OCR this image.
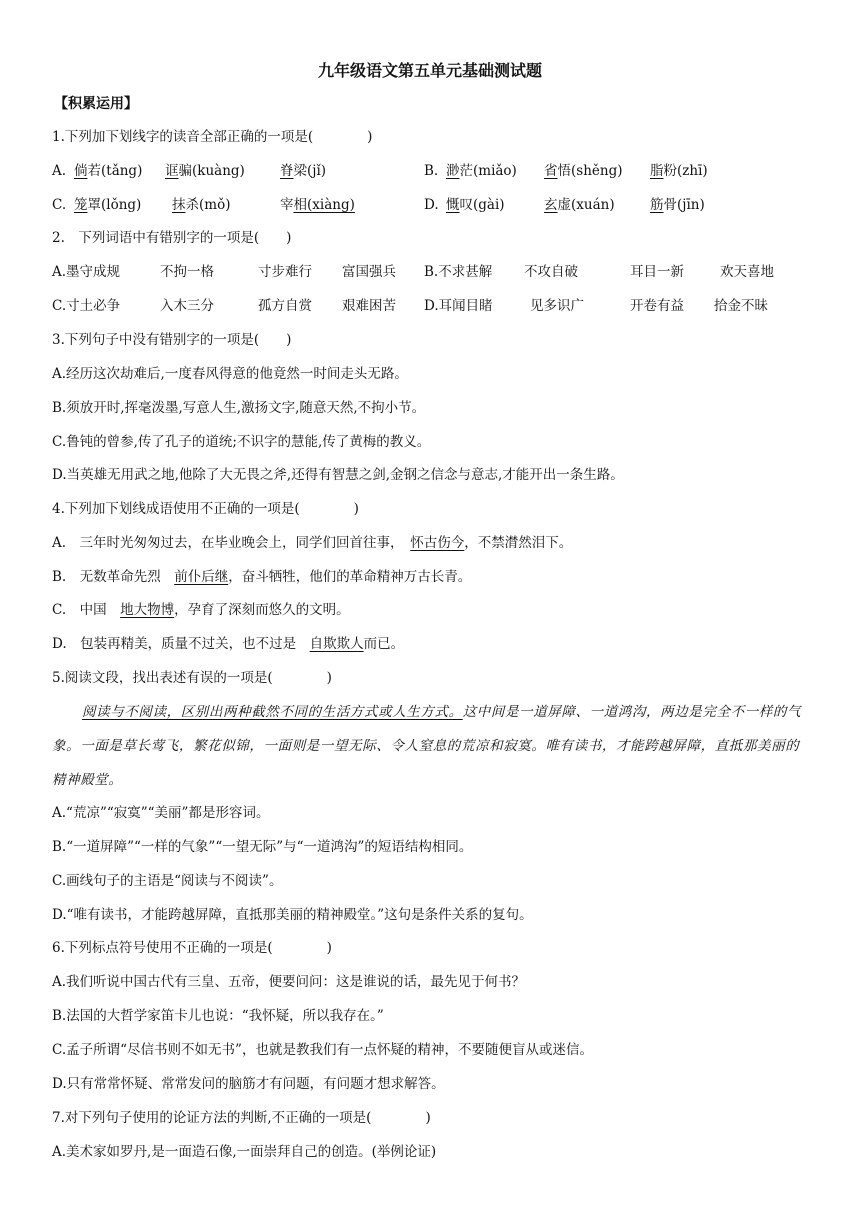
九年级语文第五单元基础测试题
【积累运用】
1.下列加下划线字的读音全部正确的一项是(　　　　)
A. 倘若(tǎng) 诓骗(kuàng)	脊梁(jǐ)	B. 渺茫(miǎo) 省悟(shěng) 脂粉(zhī)
C. 笼罩(lǒng) 抹杀(mǒ)	宰相(xiàng)	D. 慨叹(gài)	玄虚(xuán)	筋骨(jīn)
2.　下列词语中有错别字的一项是(　　)
A.墨守成规	不拘一格	寸步难行 富国强兵 B.不求甚解 不攻自破	耳目一新	欢天喜地
C.寸土必争	入木三分	孤方自赏 艰难困苦 D.耳闻目睹	见多识广	开卷有益 拾金不昧
3.下列句子中没有错别字的一项是(　　)
A.经历这次劫难后,一度春风得意的他竟然一时间走头无路。
B.须放开时,挥毫泼墨,写意人生,激扬文字,随意天然,不拘小节。
C.鲁钝的曾参,传了孔子的道统;不识字的慧能,传了黄梅的教义。
D.当英雄无用武之地,他除了大无畏之斧,还得有智慧之剑,金钢之信念与意志,才能开出一条生路。
4.下列加下划线成语使用不正确的一项是(　　　　)
A.　三年时光匆匆过去，在毕业晚会上，同学们回首往事，　怀古伤今，不禁潸然泪下。
B.　无数革命先烈　前仆后继，奋斗牺牲，他们的革命精神万古长青。
C.　中国　地大物博，孕育了深刻而悠久的文明。
D.　包装再精美，质量不过关，也不过是　自欺欺人而已。
5.阅读文段，找出表述有误的一项是(　　　　)
阅读与不阅读，区别出两种截然不同的生活方式或人生方式。这中间是一道屏障、一道鸿沟，两边是完全不一样的气象。一面是草长莺飞，繁花似锦，一面则是一望无际、令人窒息的荒凉和寂寞。唯有读书，才能跨越屏障，直抵那美丽的精神殿堂。
A.“荒凉”“寂寞”“美丽”都是形容词。
B.“一道屏障”“一样的气象”“一望无际”与“一道鸿沟”的短语结构相同。
C.画线句子的主语是“阅读与不阅读”。
D.“唯有读书，才能跨越屏障，直抵那美丽的精神殿堂。”这句是条件关系的复句。
6.下列标点符号使用不正确的一项是(　　　　)
A.我们听说中国古代有三皇、五帝，便要问问：这是谁说的话，最先见于何书？
B.法国的大哲学家笛卡儿也说：“我怀疑，所以我存在。”
C.孟子所谓“尽信书则不如无书”，也就是教我们有一点怀疑的精神，不要随便盲从或迷信。
D.只有常常怀疑、常常发问的脑筋才有问题，有问题才想求解答。
7.对下列句子使用的论证方法的判断,不正确的一项是(　　　　)
A.美术家如罗丹,是一面造石像,一面崇拜自己的创造。(举例论证)
